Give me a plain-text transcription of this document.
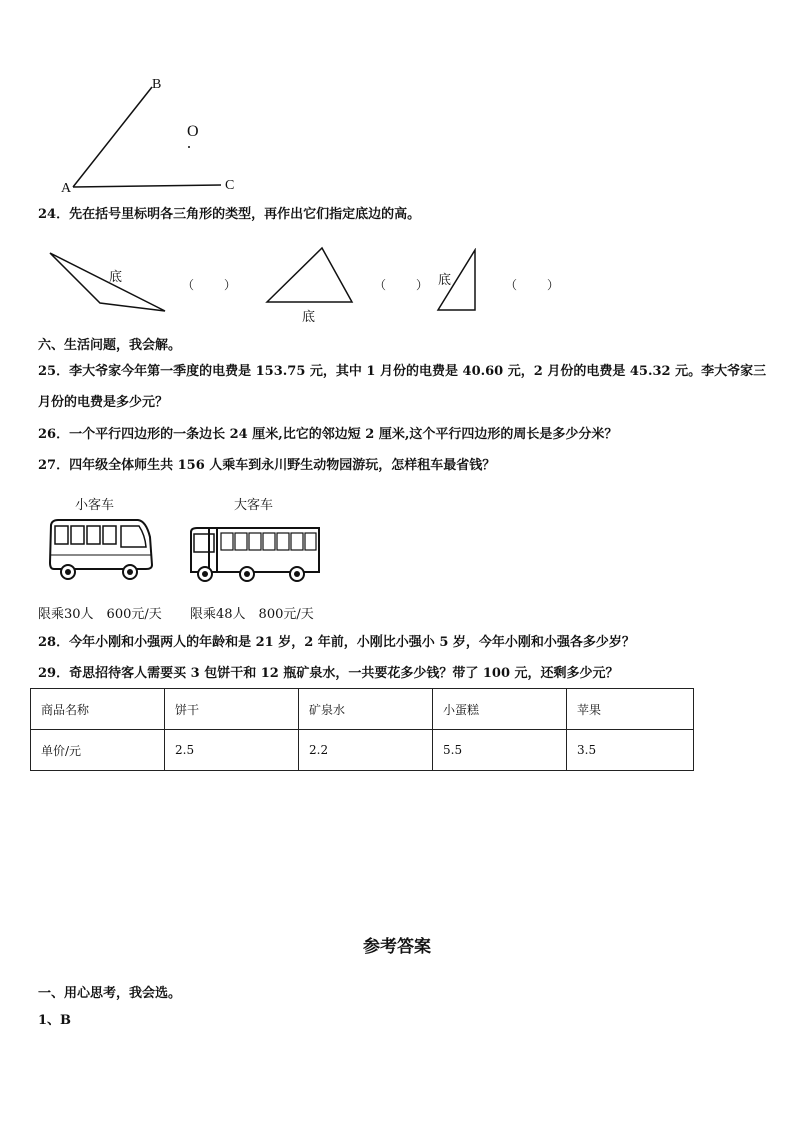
B
O
A	C
24．先在括号里标明各三角形的类型，再作出它们指定底边的高。
底
（　　）
底
（　　） 底	（　　）
六、生活问题，我会解。
25．李大爷家今年第一季度的电费是 153.75 元，其中 1 月份的电费是 40.60 元，2 月份的电费是 45.32 元。李大爷家三
月份的电费是多少元？
26．一个平行四边形的一条边长 24 厘米,比它的邻边短 2 厘米,这个平行四边形的周长是多少分米？
27．四年级全体师生共 156 人乘车到永川野生动物园游玩，怎样租车最省钱？
小客车	大客车
限乘30人　600元/天 限乘48人　800元/天
28．今年小刚和小强两人的年龄和是 21 岁，2 年前，小刚比小强小 5 岁，今年小刚和小强各多少岁？
29．奇思招待客人需要买 3 包饼干和 12 瓶矿泉水，一共要花多少钱？带了 100 元，还剩多少元？
商品名称	饼干	矿泉水	小蛋糕	苹果
单价/元	2.5	2.2	5.5	3.5
参考答案
一、用心思考，我会选。
1、B
